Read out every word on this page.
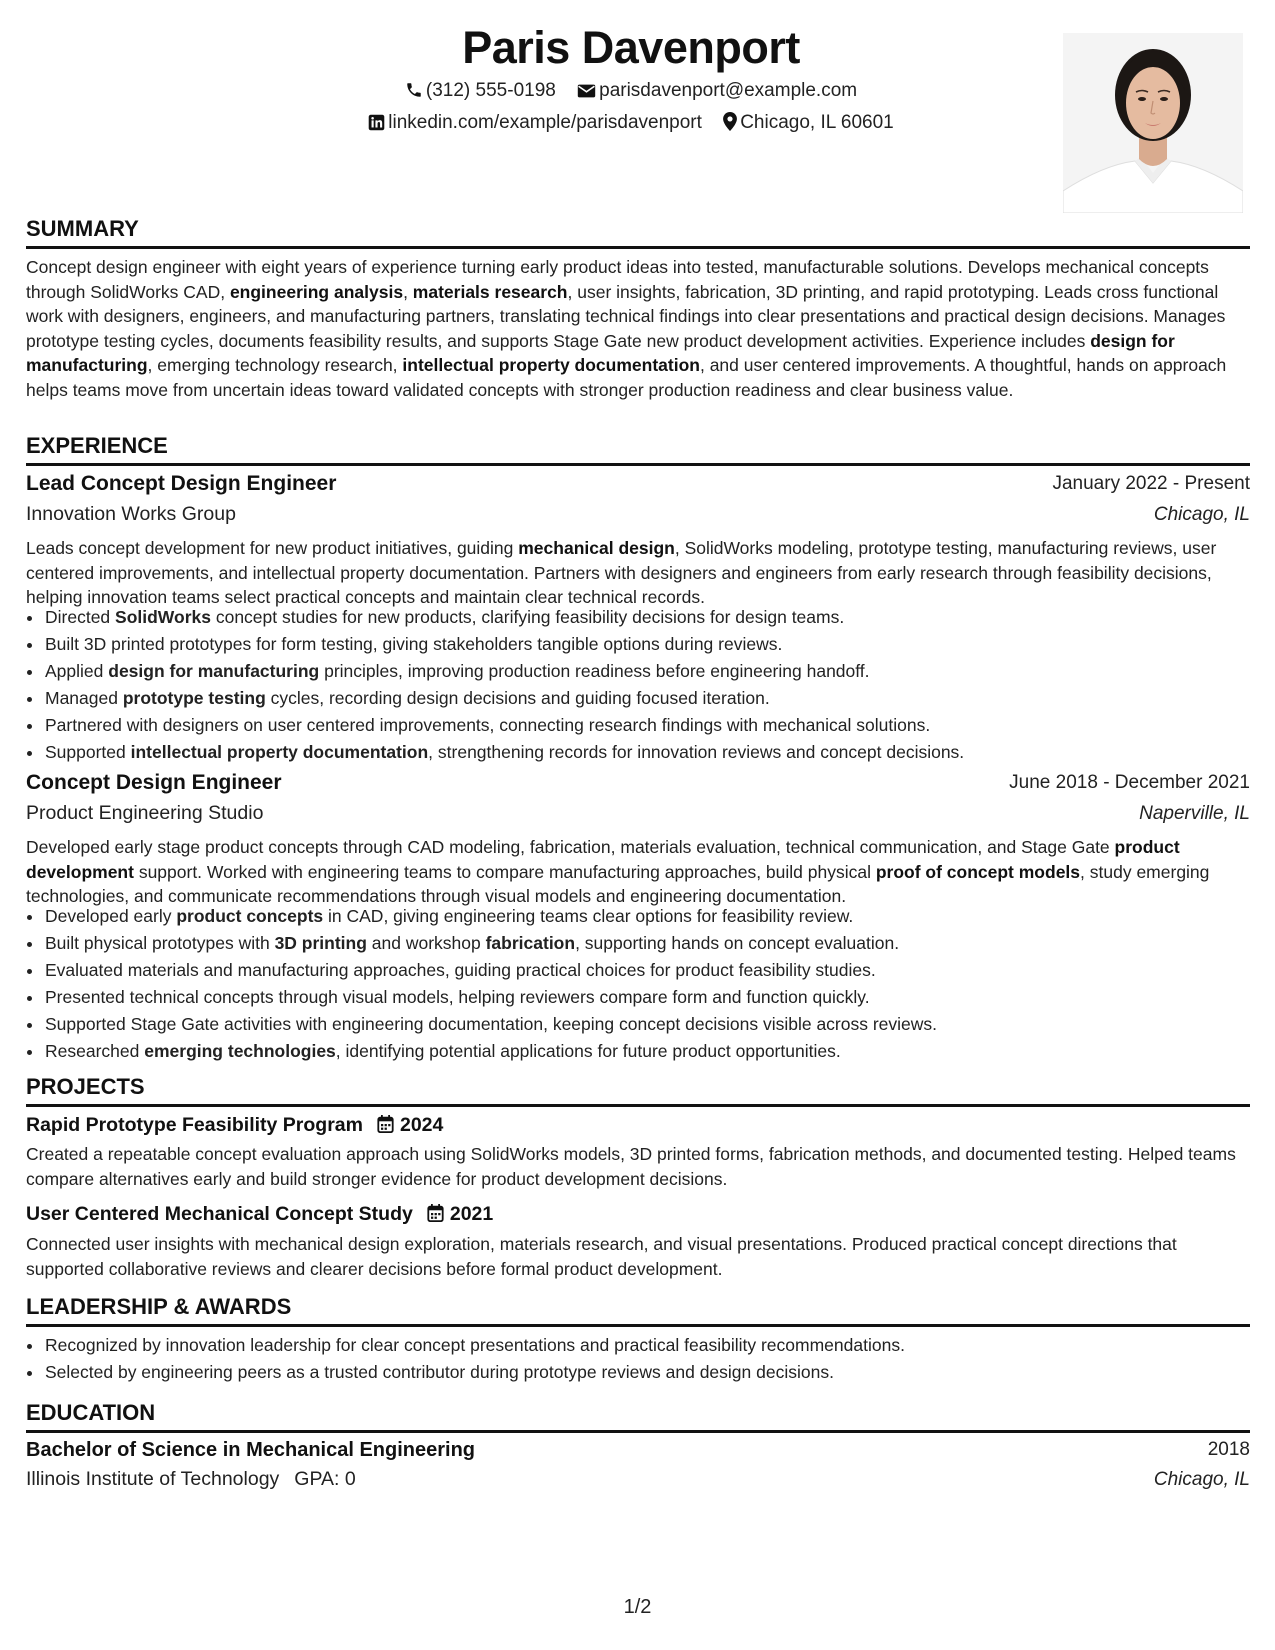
Paris Davenport
(312) 555-0198 parisdavenport@example.com
linkedin.com/example/parisdavenport Chicago, IL 60601
SUMMARY
Concept design engineer with eight years of experience turning early product ideas into tested, manufacturable solutions. Develops mechanical concepts through SolidWorks CAD, engineering analysis, materials research, user insights, fabrication, 3D printing, and rapid prototyping. Leads cross functional work with designers, engineers, and manufacturing partners, translating technical findings into clear presentations and practical design decisions. Manages prototype testing cycles, documents feasibility results, and supports Stage Gate new product development activities. Experience includes design for manufacturing, emerging technology research, intellectual property documentation, and user centered improvements. A thoughtful, hands on approach helps teams move from uncertain ideas toward validated concepts with stronger production readiness and clear business value.
EXPERIENCE
Lead Concept Design Engineer	January 2022 - Present
Innovation Works Group	Chicago, IL
Leads concept development for new product initiatives, guiding mechanical design, SolidWorks modeling, prototype testing, manufacturing reviews, user centered improvements, and intellectual property documentation. Partners with designers and engineers from early research through feasibility decisions, helping innovation teams select practical concepts and maintain clear technical records.
• Directed SolidWorks concept studies for new products, clarifying feasibility decisions for design teams.
• Built 3D printed prototypes for form testing, giving stakeholders tangible options during reviews.
• Applied design for manufacturing principles, improving production readiness before engineering handoff.
• Managed prototype testing cycles, recording design decisions and guiding focused iteration.
• Partnered with designers on user centered improvements, connecting research findings with mechanical solutions.
• Supported intellectual property documentation, strengthening records for innovation reviews and concept decisions.
Concept Design Engineer	June 2018 - December 2021
Product Engineering Studio	Naperville, IL
Developed early stage product concepts through CAD modeling, fabrication, materials evaluation, technical communication, and Stage Gate product development support. Worked with engineering teams to compare manufacturing approaches, build physical proof of concept models, study emerging technologies, and communicate recommendations through visual models and engineering documentation.
• Developed early product concepts in CAD, giving engineering teams clear options for feasibility review.
• Built physical prototypes with 3D printing and workshop fabrication, supporting hands on concept evaluation.
• Evaluated materials and manufacturing approaches, guiding practical choices for product feasibility studies.
• Presented technical concepts through visual models, helping reviewers compare form and function quickly.
• Supported Stage Gate activities with engineering documentation, keeping concept decisions visible across reviews.
• Researched emerging technologies, identifying potential applications for future product opportunities.
PROJECTS
Rapid Prototype Feasibility Program 2024
Created a repeatable concept evaluation approach using SolidWorks models, 3D printed forms, fabrication methods, and documented testing. Helped teams compare alternatives early and build stronger evidence for product development decisions.
User Centered Mechanical Concept Study 2021
Connected user insights with mechanical design exploration, materials research, and visual presentations. Produced practical concept directions that supported collaborative reviews and clearer decisions before formal product development.
LEADERSHIP & AWARDS
• Recognized by innovation leadership for clear concept presentations and practical feasibility recommendations.
• Selected by engineering peers as a trusted contributor during prototype reviews and design decisions.
EDUCATION
Bachelor of Science in Mechanical Engineering	2018
Illinois Institute of Technology GPA: 0	Chicago, IL
1/2
